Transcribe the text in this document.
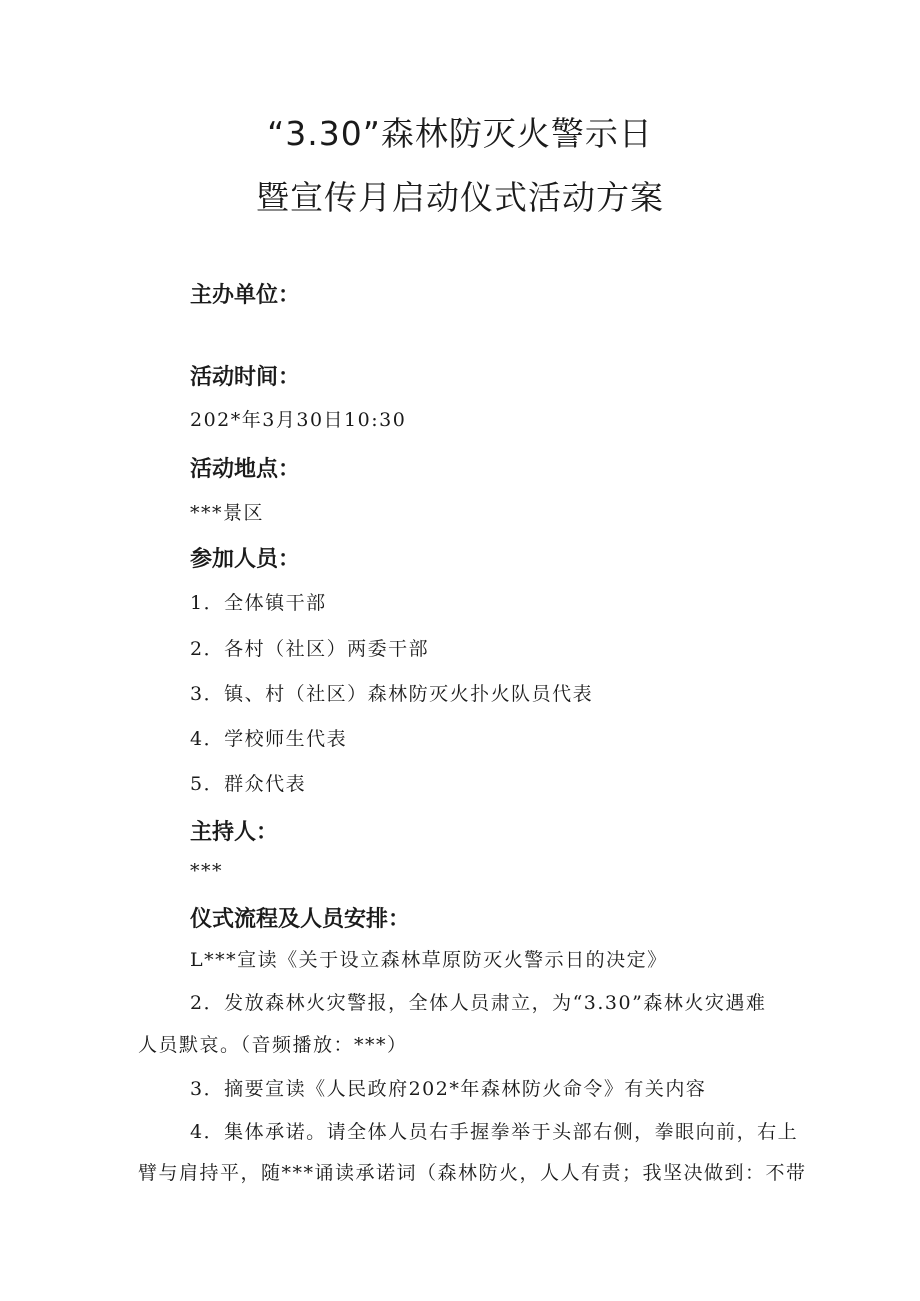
“3.30”森林防灭火警示日
暨宣传月启动仪式活动方案
主办单位：
活动时间：
202*年3月30日10:30
活动地点：
***景区
参加人员：
1．全体镇干部
2．各村（社区）两委干部
3．镇、村（社区）森林防灭火扑火队员代表
4．学校师生代表
5．群众代表
主持人：
***
仪式流程及人员安排：
L***宣读《关于设立森林草原防灭火警示日的决定》
2．发放森林火灾警报，全体人员肃立，为“3.30”森林火灾遇难
人员默哀。（音频播放：***）
3．摘要宣读《人民政府202*年森林防火命令》有关内容
4．集体承诺。请全体人员右手握拳举于头部右侧，拳眼向前，右上
臂与肩持平，随***诵读承诺词（森林防火，人人有责；我坚决做到：不带
